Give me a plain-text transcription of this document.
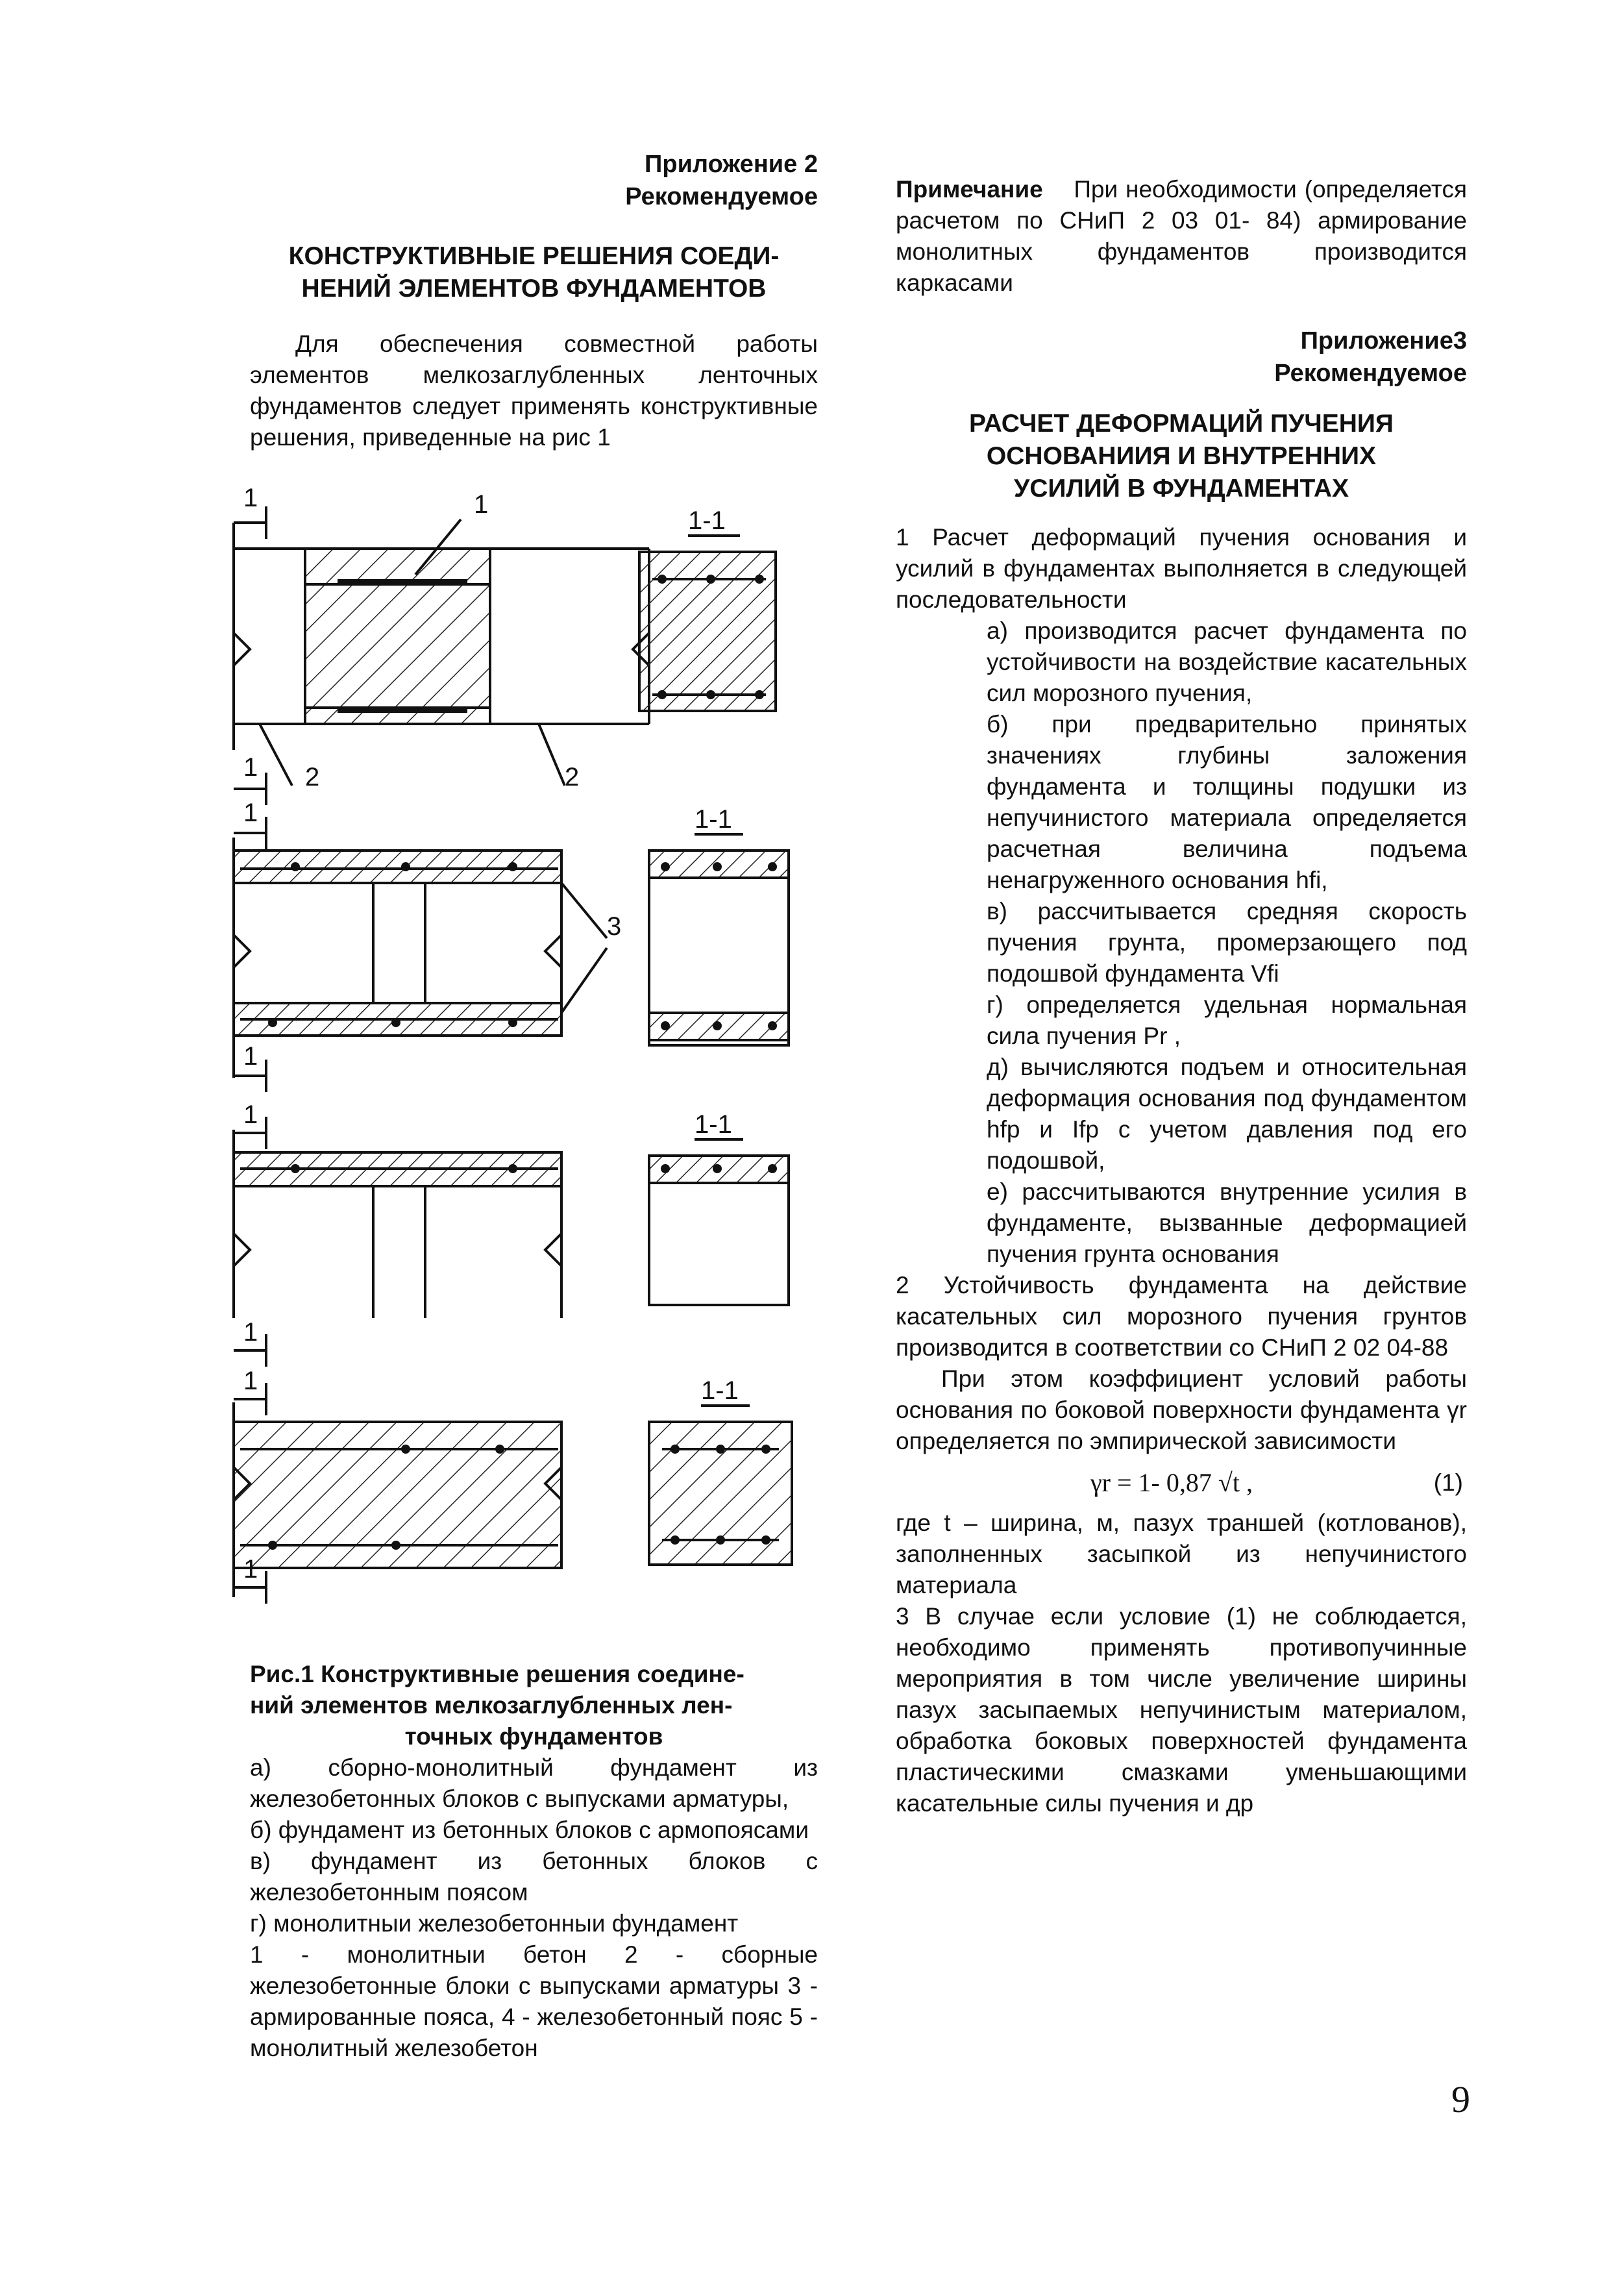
Приложение 2
Рекомендуемое
КОНСТРУКТИВНЫЕ РЕШЕНИЯ СОЕДИ-
НЕНИЙ ЭЛЕМЕНТОВ ФУНДАМЕНТОВ

Для обеспечения совместной работы элементов мелкозаглубленных ленточных фундаментов следует применять конструктивные решения, приведенные на рис 1

1
1
1-1
1
2	2
1
1
1-1
3
1
1
1-1
1
1
1-1
Рис.1 Конструктивные решения соедине-
ний элементов мелкозаглубленных лен-
точных фундаментов

а) сборно-монолитный фундамент из железобетонных блоков с выпусками арматуры,

б) фундамент из бетонных блоков с армопоясами

в) фундамент из бетонных блоков с железобетонным поясом

г) монолитныи железобетонныи фундамент

1 - монолитныи бетон 2 - сборные железобетонные блоки с выпусками арматуры 3 - армированные пояса, 4 - железобетонный пояс 5 - монолитный железобетон

Примечание При необходимости (определяется расчетом по СНиП 2 03 01- 84) армирование монолитных фундаментов производится каркасами

Приложение3
Рекомендуемое
РАСЧЕТ ДЕФОРМАЦИЙ ПУЧЕНИЯ
ОСНОВАНИИЯ И ВНУТРЕННИХ
УСИЛИЙ В ФУНДАМЕНТАХ

1 Расчет деформаций пучения основания и усилий в фундаментах выполняется в следующей последовательности

а) производится расчет фундамента по устойчивости на воздействие касательных сил морозного пучения,

б) при предварительно принятых значениях глубины заложения фундамента и толщины подушки из непучинистого материала определяется расчетная величина подъема ненагруженного основания hfi,

в) рассчитывается средняя скорость пучения грунта, промерзающего под подошвой фундамента Vfi

г) определяется удельная нормальная сила пучения Pr ,

д) вычисляются подъем и относительная деформация основания под фундаментом hfp и Ifp с учетом давления под его подошвой,

е) рассчитываются внутренние усилия в фундаменте, вызванные деформацией пучения грунта основания

2 Устойчивость фундамента на действие касательных сил морозного пучения грунтов производится в соответствии со СНиП 2 02 04-88

При этом коэффициент условий работы основания по боковой поверхности фундамента γr определяется по эмпирической зависимости

γr = 1- 0,87 √t ,	(1)

где t – ширина, м, пазух траншей (котлованов), заполненных засыпкой из непучинистого материала

3 В случае если условие (1) не соблюдается, необходимо применять противопучинные мероприятия в том числе увеличение ширины пазух засыпаемых непучинистым материалом, обработка боковых поверхностей фундамента пластическими смазками уменьшающими касательные силы пучения и др

9
